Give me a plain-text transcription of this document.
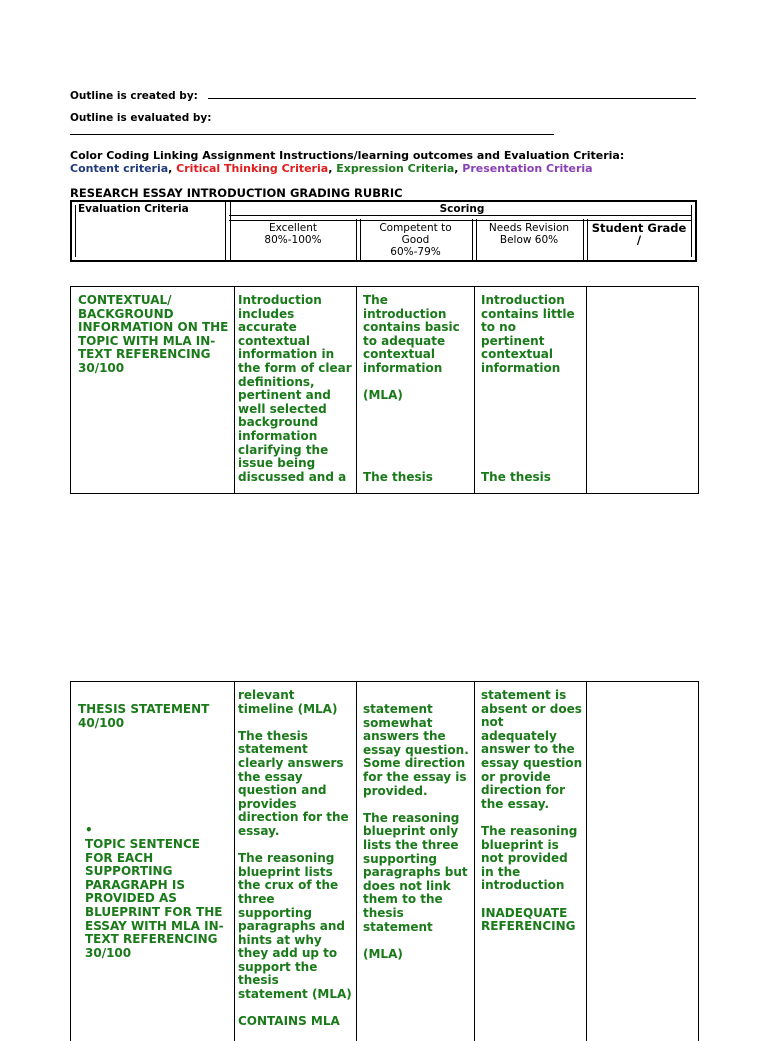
Outline is created by:
Outline is evaluated by:
Color Coding Linking Assignment Instructions/learning outcomes and Evaluation Criteria:
Content criteria, Critical Thinking Criteria, Expression Criteria, Presentation Criteria
RESEARCH ESSAY INTRODUCTION GRADING RUBRIC
Evaluation Criteria	Scoring
Excellent
80%-100%
Competent to
Good
60%-79%
Needs Revision
Below 60%
Student Grade
/
CONTEXTUAL/
BACKGROUND
INFORMATION ON THE
TOPIC WITH MLA IN-
TEXT REFERENCING
30/100
Introduction
includes
accurate
contextual
information in
the form of clear
definitions,
pertinent and
well selected
background
information
clarifying the
issue being
discussed and a
The
introduction
contains basic
to adequate
contextual
information

(MLA)
The thesis
Introduction
contains little
to no
pertinent
contextual
information
The thesis
THESIS STATEMENT
40/100
•
TOPIC SENTENCE
FOR EACH
SUPPORTING
PARAGRAPH IS
PROVIDED AS
BLUEPRINT FOR THE
ESSAY WITH MLA IN-
TEXT REFERENCING
30/100
relevant
timeline (MLA)

The thesis
statement
clearly answers
the essay
question and
provides
direction for the
essay.

The reasoning
blueprint lists
the crux of the
three
supporting
paragraphs and
hints at why
they add up to
support the
thesis
statement (MLA)

CONTAINS MLA
statement
somewhat
answers the
essay question.
Some direction
for the essay is
provided.

The reasoning
blueprint only
lists the three
supporting
paragraphs but
does not link
them to the
thesis
statement

(MLA)
statement is
absent or does
not
adequately
answer to the
essay question
or provide
direction for
the essay.

The reasoning
blueprint is
not provided
in the
introduction

INADEQUATE
REFERENCING
